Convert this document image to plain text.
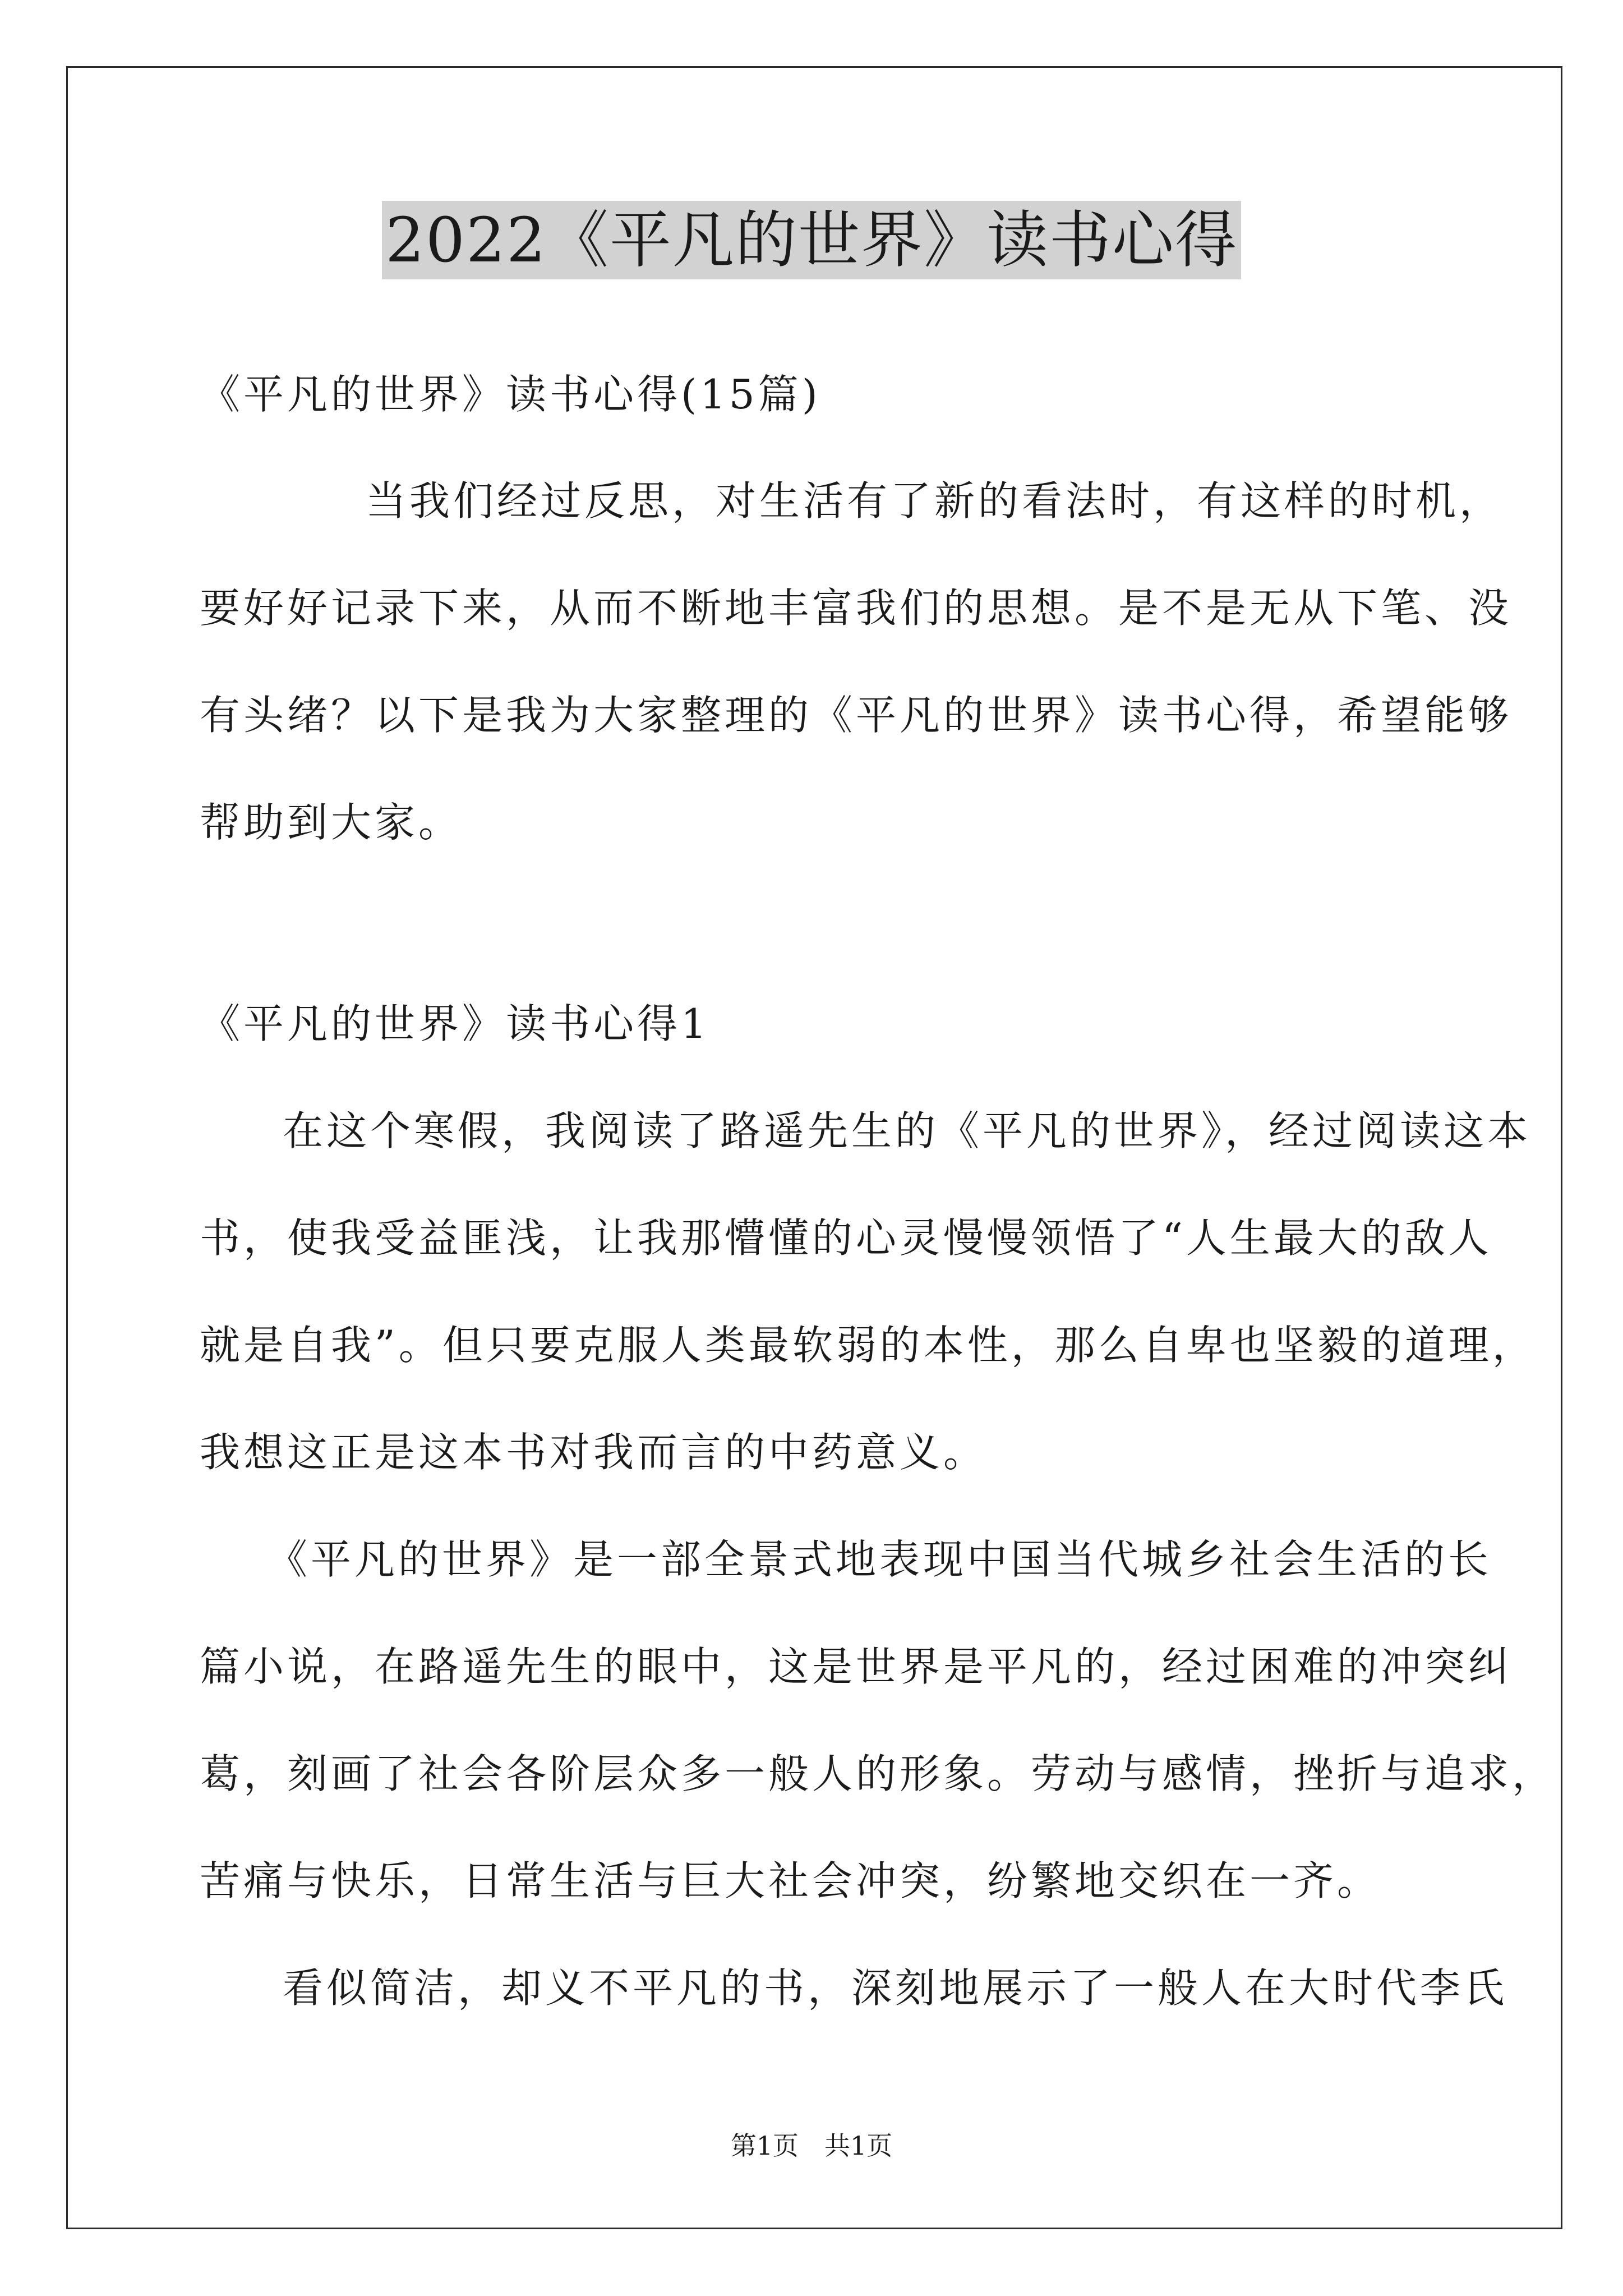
2022《平凡的世界》读书心得
《平凡的世界》读书心得(15篇)
当我们经过反思，对生活有了新的看法时，有这样的时机，
要好好记录下来，从而不断地丰富我们的思想。是不是无从下笔、没
有头绪？以下是我为大家整理的《平凡的世界》读书心得，希望能够
帮助到大家。
《平凡的世界》读书心得1
在这个寒假，我阅读了路遥先生的《平凡的世界》，经过阅读这本
书，使我受益匪浅，让我那懵懂的心灵慢慢领悟了“人生最大的敌人
就是自我”。但只要克服人类最软弱的本性，那么自卑也坚毅的道理，
我想这正是这本书对我而言的中药意义。
《平凡的世界》是一部全景式地表现中国当代城乡社会生活的长
篇小说，在路遥先生的眼中，这是世界是平凡的，经过困难的冲突纠
葛，刻画了社会各阶层众多一般人的形象。劳动与感情，挫折与追求，
苦痛与快乐，日常生活与巨大社会冲突，纷繁地交织在一齐。
看似简洁，却义不平凡的书，深刻地展示了一般人在大时代李氏
第1页　共1页
